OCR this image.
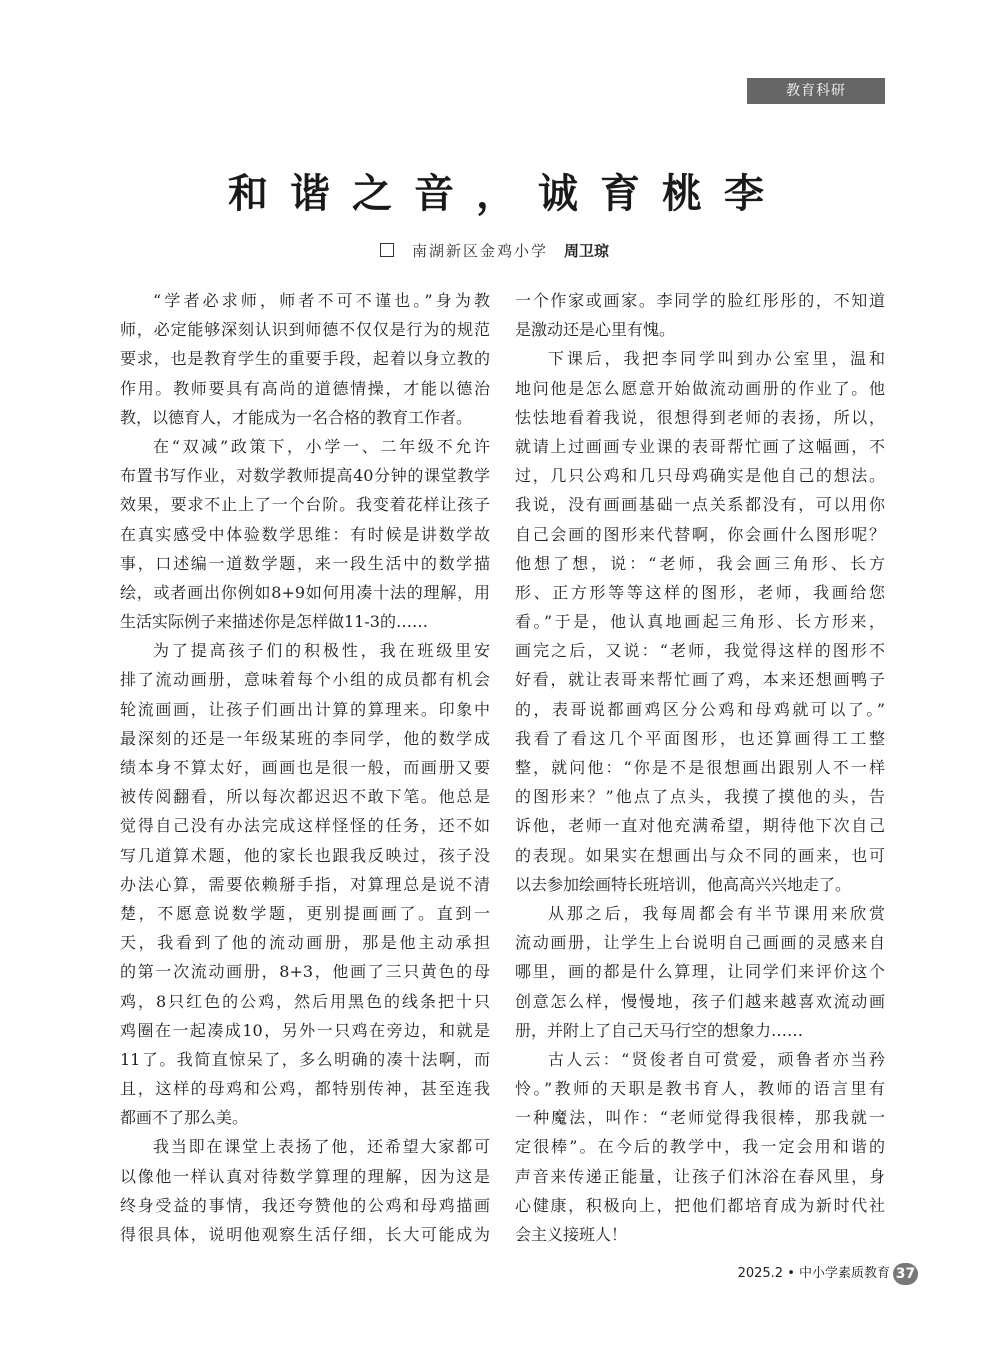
教育科研
和谐之音，诚育桃李
南湖新区金鸡小学 周卫琼
“学者必求师，师者不可不谨也。”身为教
师，必定能够深刻认识到师德不仅仅是行为的规范
要求，也是教育学生的重要手段，起着以身立教的
作用。教师要具有高尚的道德情操，才能以德治
教，以德育人，才能成为一名合格的教育工作者。
在“双减”政策下，小学一、二年级不允许
布置书写作业，对数学教师提高40分钟的课堂教学
效果，要求不止上了一个台阶。我变着花样让孩子
在真实感受中体验数学思维：有时候是讲数学故
事，口述编一道数学题，来一段生活中的数学描
绘，或者画出你例如8+9如何用凑十法的理解，用
生活实际例子来描述你是怎样做11-3的……
为了提高孩子们的积极性，我在班级里安
排了流动画册，意味着每个小组的成员都有机会
轮流画画，让孩子们画出计算的算理来。印象中
最深刻的还是一年级某班的李同学，他的数学成
绩本身不算太好，画画也是很一般，而画册又要
被传阅翻看，所以每次都迟迟不敢下笔。他总是
觉得自己没有办法完成这样怪怪的任务，还不如
写几道算术题，他的家长也跟我反映过，孩子没
办法心算，需要依赖掰手指，对算理总是说不清
楚，不愿意说数学题，更别提画画了。直到一
天，我看到了他的流动画册，那是他主动承担
的第一次流动画册，8+3，他画了三只黄色的母
鸡，8只红色的公鸡，然后用黑色的线条把十只
鸡圈在一起凑成10，另外一只鸡在旁边，和就是
11了。我简直惊呆了，多么明确的凑十法啊，而
且，这样的母鸡和公鸡，都特别传神，甚至连我
都画不了那么美。
我当即在课堂上表扬了他，还希望大家都可
以像他一样认真对待数学算理的理解，因为这是
终身受益的事情，我还夸赞他的公鸡和母鸡描画
得很具体，说明他观察生活仔细，长大可能成为
一个作家或画家。李同学的脸红彤彤的，不知道
是激动还是心里有愧。
下课后，我把李同学叫到办公室里，温和
地问他是怎么愿意开始做流动画册的作业了。他
怯怯地看着我说，很想得到老师的表扬，所以，
就请上过画画专业课的表哥帮忙画了这幅画，不
过，几只公鸡和几只母鸡确实是他自己的想法。
我说，没有画画基础一点关系都没有，可以用你
自己会画的图形来代替啊，你会画什么图形呢？
他想了想，说：“老师，我会画三角形、长方
形、正方形等等这样的图形，老师，我画给您
看。”于是，他认真地画起三角形、长方形来，
画完之后，又说：“老师，我觉得这样的图形不
好看，就让表哥来帮忙画了鸡，本来还想画鸭子
的，表哥说都画鸡区分公鸡和母鸡就可以了。”
我看了看这几个平面图形，也还算画得工工整
整，就问他：“你是不是很想画出跟别人不一样
的图形来？”他点了点头，我摸了摸他的头，告
诉他，老师一直对他充满希望，期待他下次自己
的表现。如果实在想画出与众不同的画来，也可
以去参加绘画特长班培训，他高高兴兴地走了。
从那之后，我每周都会有半节课用来欣赏
流动画册，让学生上台说明自己画画的灵感来自
哪里，画的都是什么算理，让同学们来评价这个
创意怎么样，慢慢地，孩子们越来越喜欢流动画
册，并附上了自己天马行空的想象力……
古人云：“贤俊者自可赏爱，顽鲁者亦当矜
怜。”教师的天职是教书育人，教师的语言里有
一种魔法，叫作：“老师觉得我很棒，那我就一
定很棒”。在今后的教学中，我一定会用和谐的
声音来传递正能量，让孩子们沐浴在春风里，身
心健康，积极向上，把他们都培育成为新时代社
会主义接班人！
2025.2 • 中小学素质教育 37
